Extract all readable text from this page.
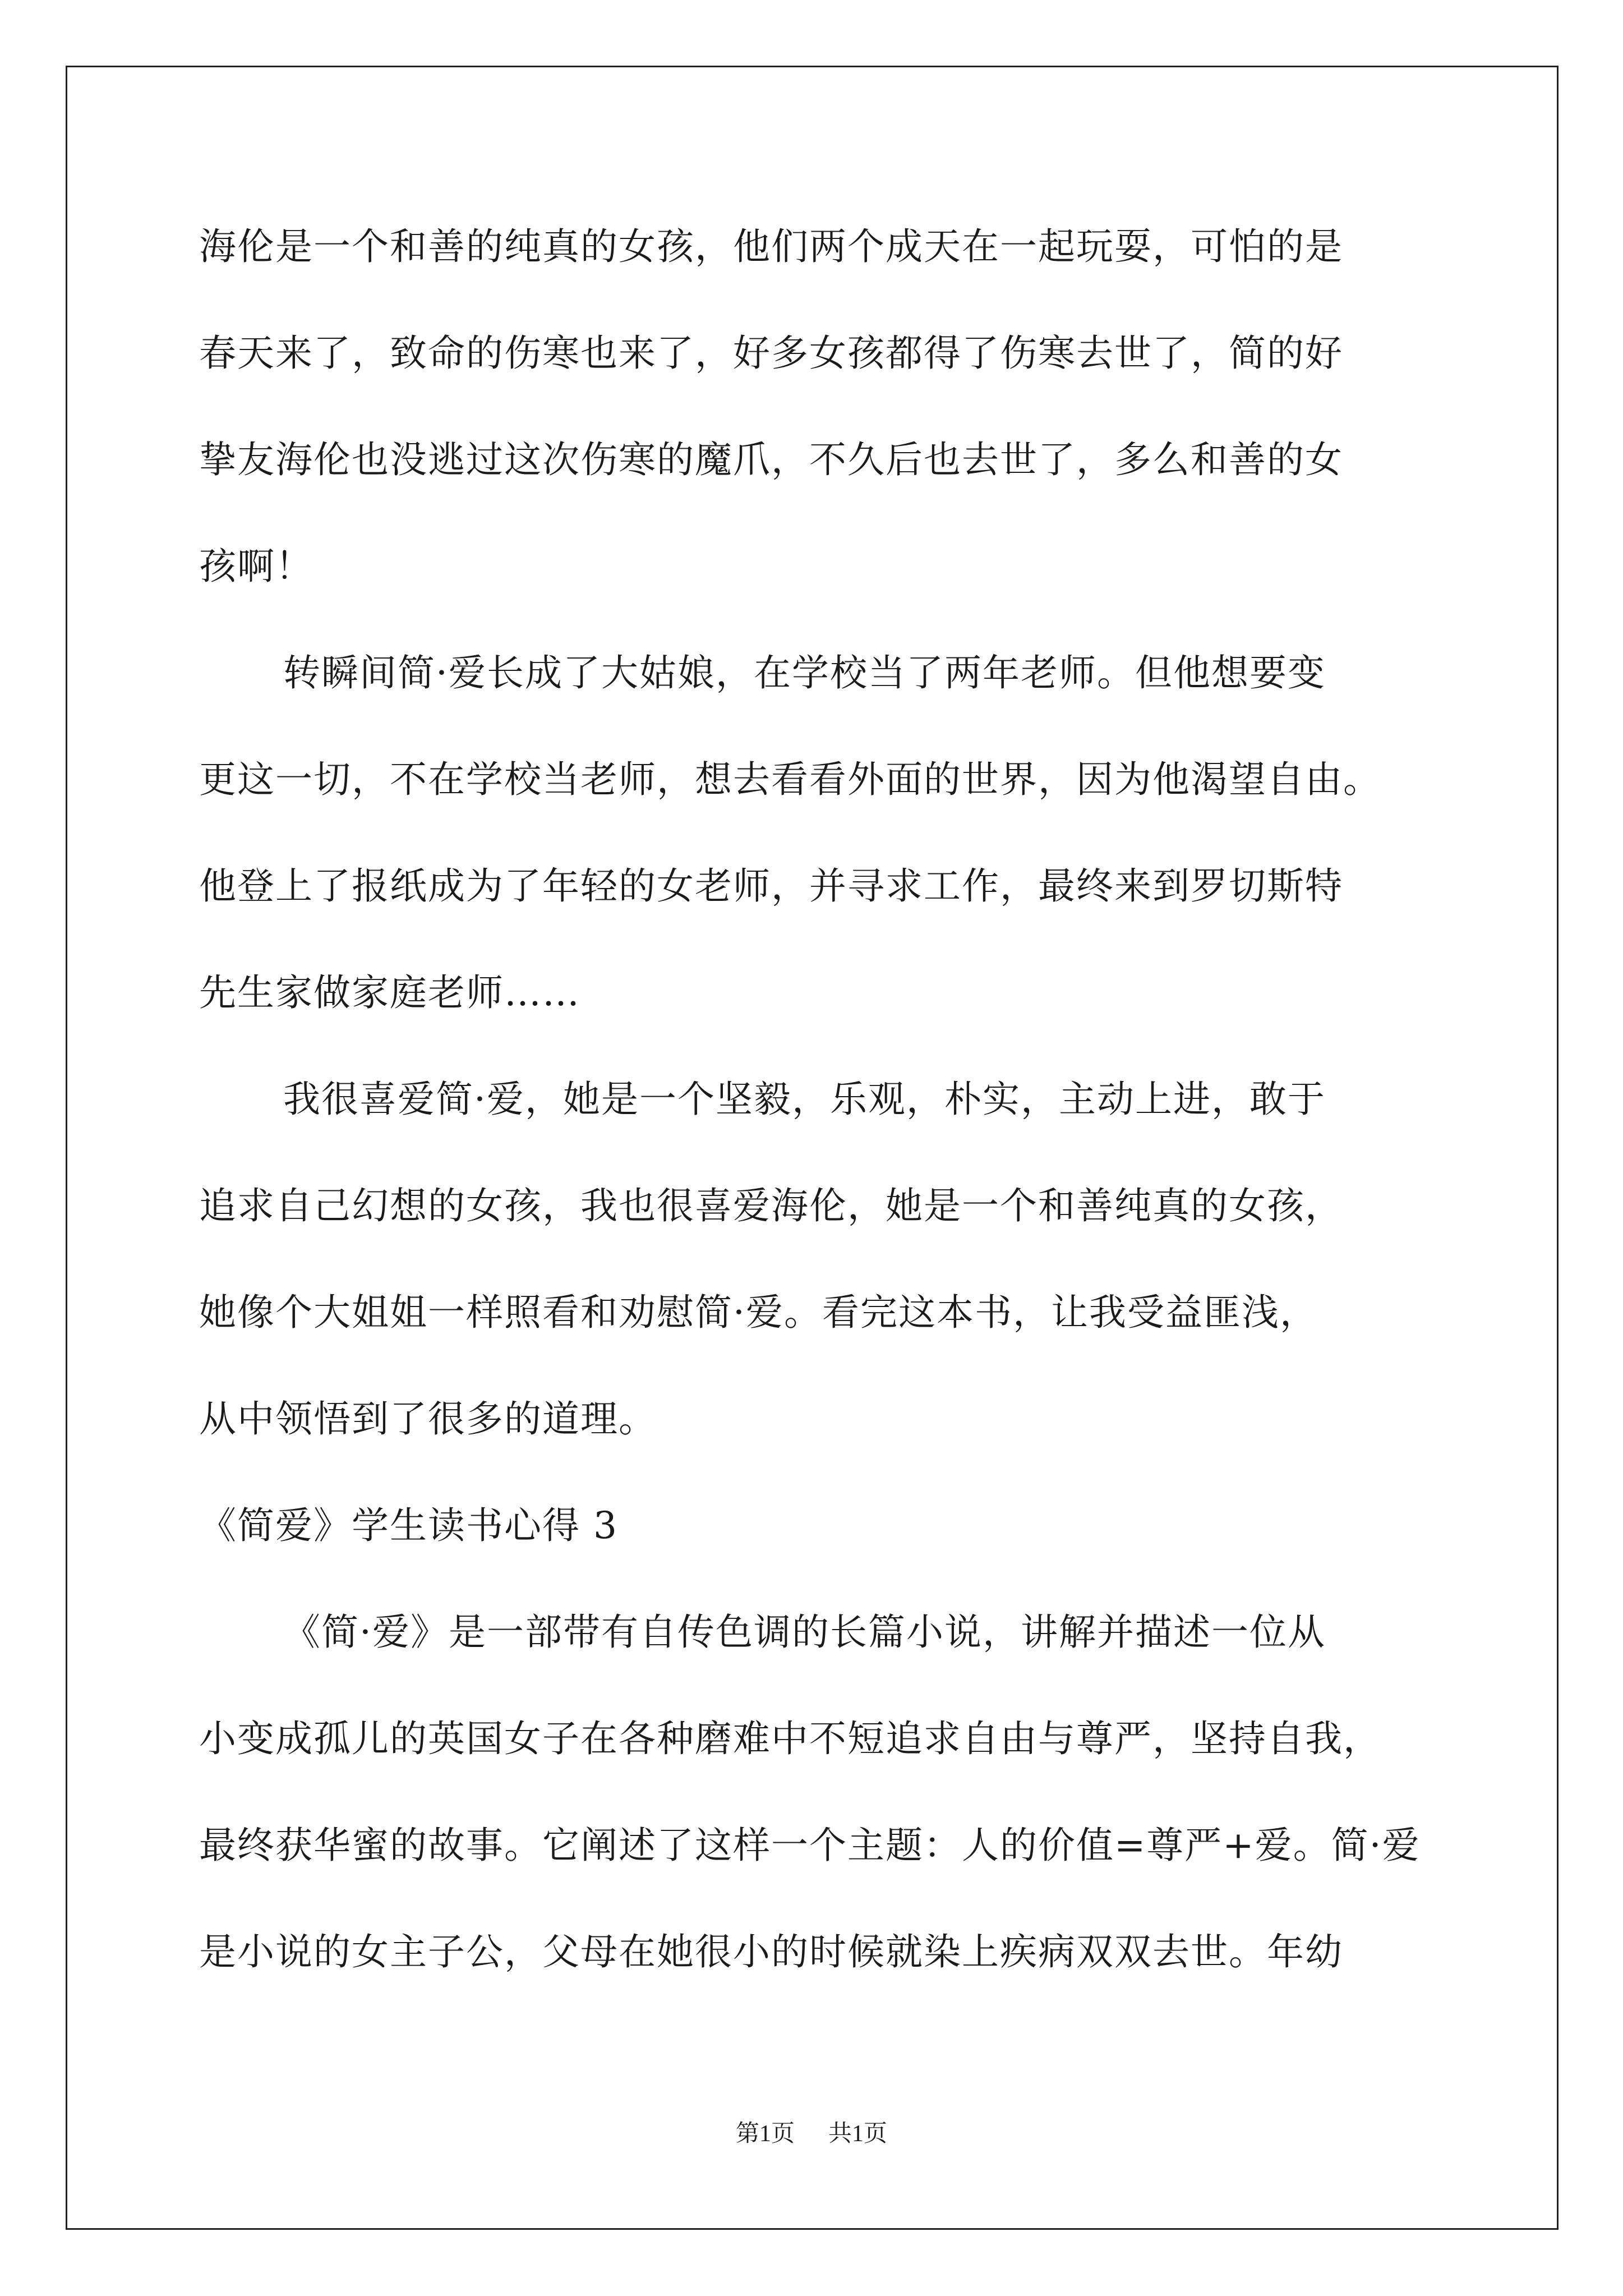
海伦是一个和善的纯真的女孩，他们两个成天在一起玩耍，可怕的是
春天来了，致命的伤寒也来了，好多女孩都得了伤寒去世了，简的好
挚友海伦也没逃过这次伤寒的魔爪，不久后也去世了，多么和善的女
孩啊！
转瞬间简·爱长成了大姑娘，在学校当了两年老师。但他想要变
更这一切，不在学校当老师，想去看看外面的世界，因为他渴望自由。
他登上了报纸成为了年轻的女老师，并寻求工作，最终来到罗切斯特
先生家做家庭老师……
我很喜爱简·爱，她是一个坚毅，乐观，朴实，主动上进，敢于
追求自己幻想的女孩，我也很喜爱海伦，她是一个和善纯真的女孩，
她像个大姐姐一样照看和劝慰简·爱。看完这本书，让我受益匪浅，
从中领悟到了很多的道理。
《简爱》学生读书心得 3
《简·爱》是一部带有自传色调的长篇小说，讲解并描述一位从
小变成孤儿的英国女子在各种磨难中不短追求自由与尊严，坚持自我，
最终获华蜜的故事。它阐述了这样一个主题：人的价值=尊严+爱。简·爱
是小说的女主子公，父母在她很小的时候就染上疾病双双去世。年幼
第1页 共1页
